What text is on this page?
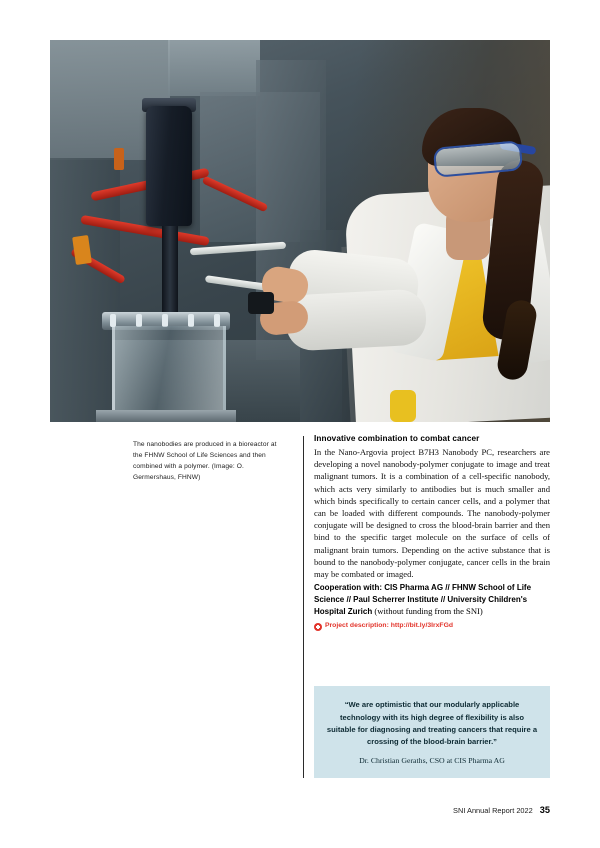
The nanobodies are produced in a bioreactor at the FHNW School of Life Sciences and then combined with a polymer. (Image: O. Germershaus, FHNW)
Innovative combination to combat cancer
In the Nano-Argovia project B7H3 Nanobody PC, researchers are developing a novel nanobody-polymer conjugate to image and treat malignant tumors. It is a combination of a cell-specific nanobody, which acts very similarly to antibodies but is much smaller and which binds specifically to certain cancer cells, and a polymer that can be loaded with different compounds. The nanobody-polymer conjugate will be designed to cross the blood-brain barrier and then bind to the specific target molecule on the surface of cells of malignant brain tumors. Depending on the active substance that is bound to the nanobody-polymer conjugate, cancer cells in the brain may be combated or imaged.
Cooperation with: CIS Pharma AG // FHNW School of Life Science // Paul Scherrer Institute // University Children's Hospital Zurich (without funding from the SNI)
Project description: http://bit.ly/3IrxFGd
“We are optimistic that our modularly applicable technology with its high degree of flexibility is also suitable for diagnosing and treating cancers that require a crossing of the blood-brain barrier.”
Dr. Christian Geraths, CSO at CIS Pharma AG
SNI Annual Report 2022 35
